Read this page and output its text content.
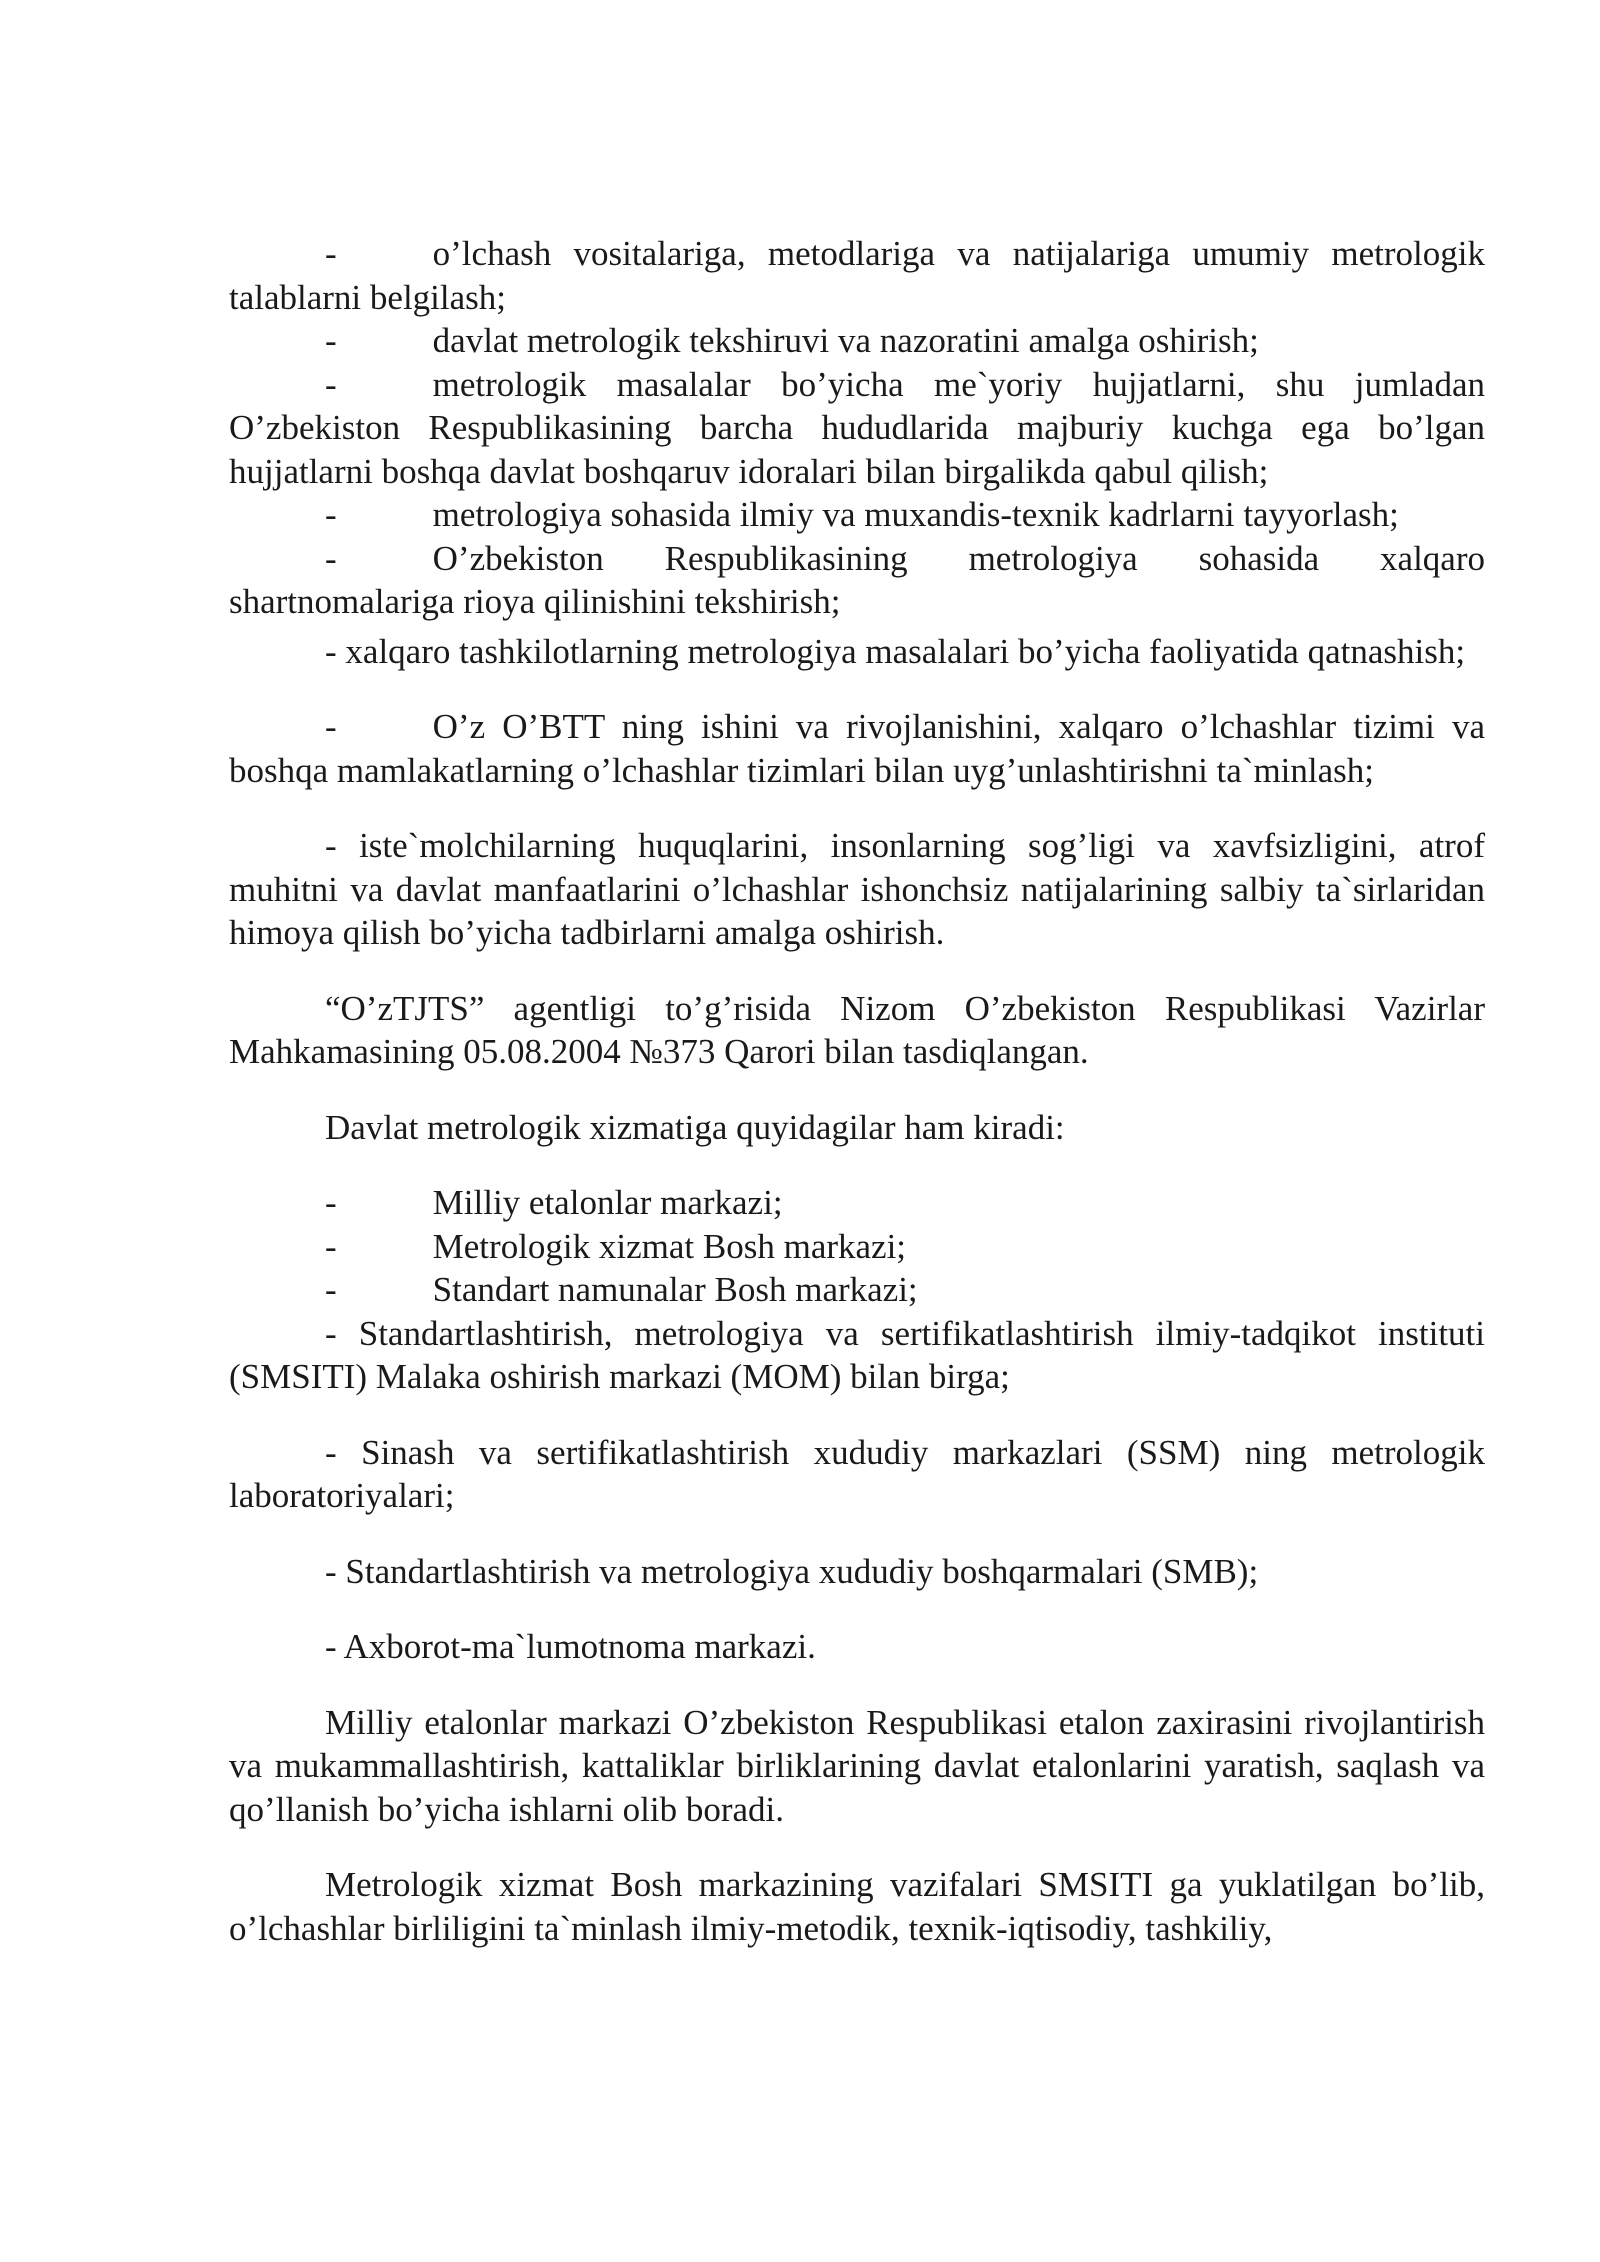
-	o’lchash vositalariga, metodlariga va natijalariga umumiy metrologik talablarni belgilash;

-	davlat metrologik tekshiruvi va nazoratini amalga oshirish;

-	metrologik masalalar bo’yicha me`yoriy hujjatlarni, shu jumladan O’zbekiston Respublikasining barcha hududlarida majburiy kuchga ega bo’lgan hujjatlarni boshqa davlat boshqaruv idoralari bilan birgalikda qabul qilish;

-	metrologiya sohasida ilmiy va muxandis-texnik kadrlarni tayyorlash;

-	O’zbekiston Respublikasining metrologiya sohasida xalqaro shartnomalariga rioya qilinishini tekshirish;

- xalqaro tashkilotlarning metrologiya masalalari bo’yicha faoliyatida qatnashish;

-	O’z O’BTT ning ishini va rivojlanishini, xalqaro o’lchashlar tizimi va boshqa mamlakatlarning o’lchashlar tizimlari bilan uyg’unlashtirishni ta`minlash;

- iste`molchilarning huquqlarini, insonlarning sog’ligi va xavfsizligini, atrof muhitni va davlat manfaatlarini o’lchashlar ishonchsiz natijalarining salbiy ta`sirlaridan himoya qilish bo’yicha tadbirlarni amalga oshirish.

“O’zTJTS” agentligi to’g’risida Nizom O’zbekiston Respublikasi Vazirlar Mahkamasining 05.08.2004 №373 Qarori bilan tasdiqlangan.

Davlat metrologik xizmatiga quyidagilar ham kiradi:

-	Milliy etalonlar markazi;

-	Metrologik xizmat Bosh markazi;

-	Standart namunalar Bosh markazi;

- Standartlashtirish, metrologiya va sertifikatlashtirish ilmiy-tadqikot instituti (SMSITI) Malaka oshirish markazi (MOM) bilan birga;

- Sinash va sertifikatlashtirish xududiy markazlari (SSM) ning metrologik laboratoriyalari;

- Standartlashtirish va metrologiya xududiy boshqarmalari (SMB);

- Axborot-ma`lumotnoma markazi.

Milliy etalonlar markazi O’zbekiston Respublikasi etalon zaxirasini rivojlantirish va mukammallashtirish, kattaliklar birliklarining davlat etalonlarini yaratish, saqlash va qo’llanish bo’yicha ishlarni olib boradi.

Metrologik xizmat Bosh markazining vazifalari SMSITI ga yuklatilgan bo’lib, o’lchashlar birliligini ta`minlash ilmiy-metodik, texnik-iqtisodiy, tashkiliy,
